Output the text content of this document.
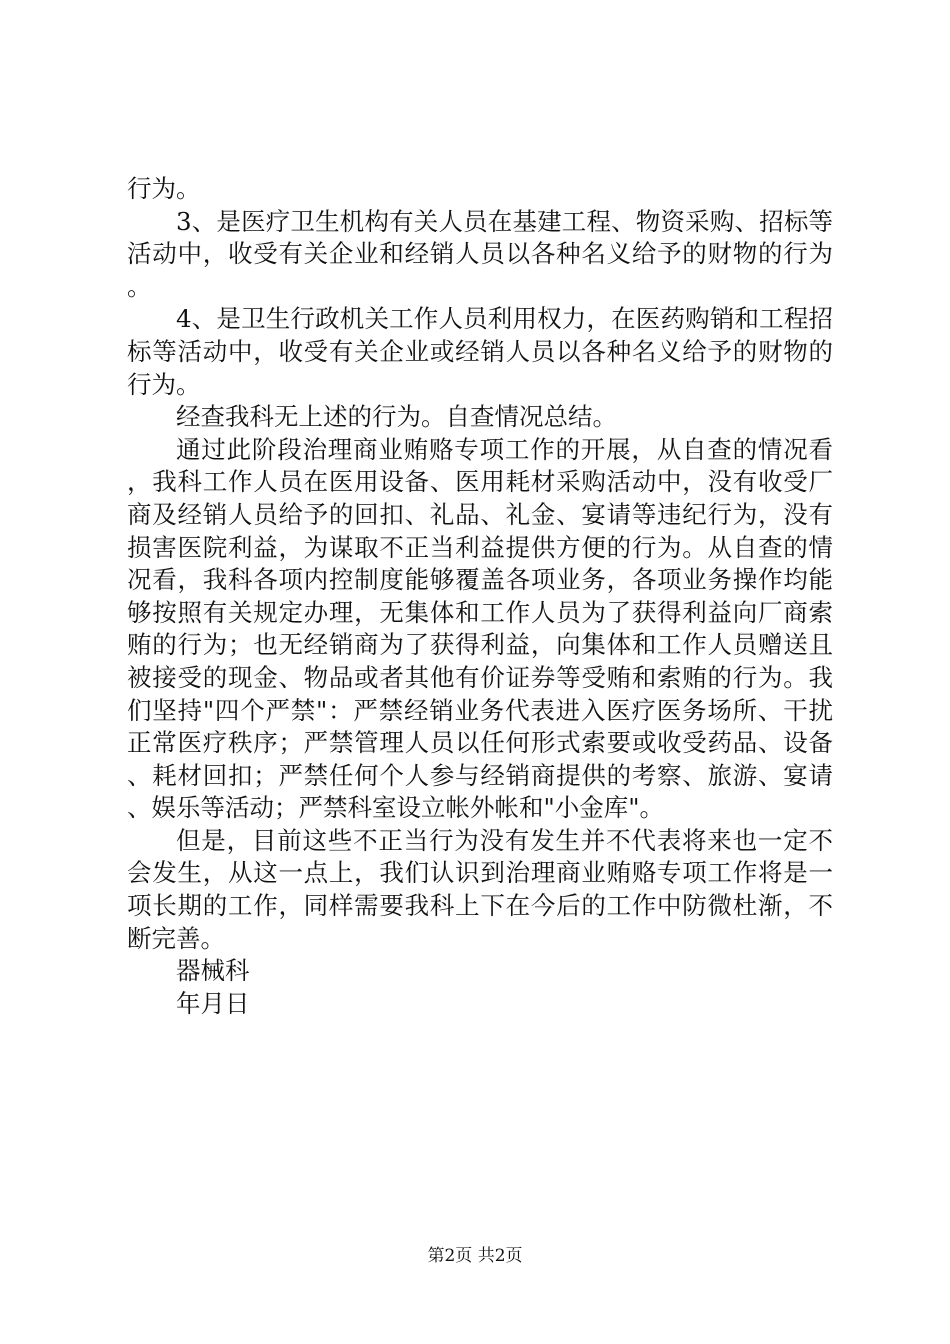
行为。

3、是医疗卫生机构有关人员在基建工程、物资采购、招标等活动中，收受有关企业和经销人员以各种名义给予的财物的行为。

4、是卫生行政机关工作人员利用权力，在医药购销和工程招标等活动中，收受有关企业或经销人员以各种名义给予的财物的行为。

经查我科无上述的行为。自查情况总结。

通过此阶段治理商业贿赂专项工作的开展，从自查的情况看，我科工作人员在医用设备、医用耗材采购活动中，没有收受厂商及经销人员给予的回扣、礼品、礼金、宴请等违纪行为，没有损害医院利益，为谋取不正当利益提供方便的行为。从自查的情况看，我科各项内控制度能够覆盖各项业务，各项业务操作均能够按照有关规定办理，无集体和工作人员为了获得利益向厂商索贿的行为；也无经销商为了获得利益，向集体和工作人员赠送且被接受的现金、物品或者其他有价证券等受贿和索贿的行为。我们坚持"四个严禁"：严禁经销业务代表进入医疗医务场所、干扰正常医疗秩序；严禁管理人员以任何形式索要或收受药品、设备、耗材回扣；严禁任何个人参与经销商提供的考察、旅游、宴请、娱乐等活动；严禁科室设立帐外帐和"小金库"。

但是，目前这些不正当行为没有发生并不代表将来也一定不会发生，从这一点上，我们认识到治理商业贿赂专项工作将是一项长期的工作，同样需要我科上下在今后的工作中防微杜渐，不断完善。

器械科

年月日

第2页 共2页
